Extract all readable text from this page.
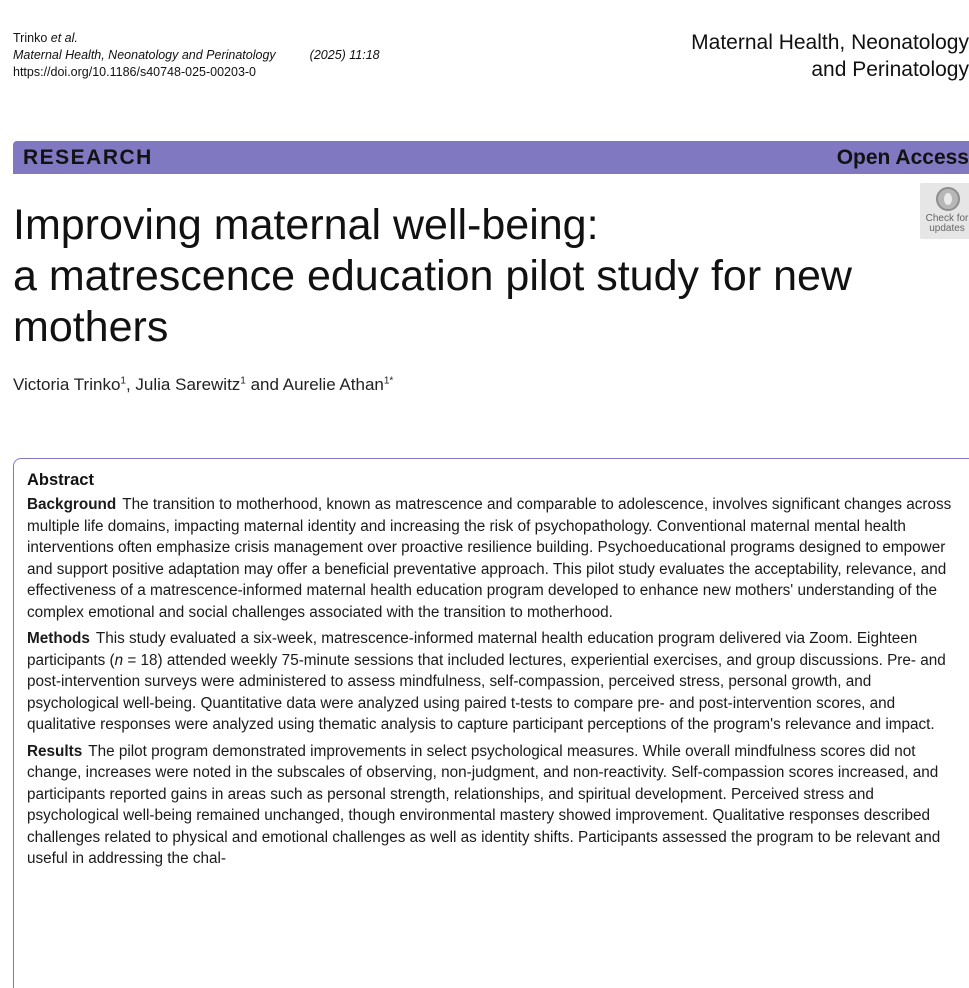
Trinko et al.
Maternal Health, Neonatology and Perinatology	(2025) 11:18
https://doi.org/10.1186/s40748-025-00203-0
Maternal Health, Neonatology
and Perinatology
RESEARCH	Open Access
Check for
updates
Improving maternal well-being:
a matrescence education pilot study for new
mothers
Victoria Trinko$^1$, Julia Sarewitz$^1$ and Aurelie Athan$^{1*}$
Abstract

Background The transition to motherhood, known as matrescence and comparable to adolescence, involves significant changes across multiple life domains, impacting maternal identity and increasing the risk of psychopathology. Conventional maternal mental health interventions often emphasize crisis management over proactive resilience building. Psychoeducational programs designed to empower and support positive adaptation may offer a beneficial preventative approach. This pilot study evaluates the acceptability, relevance, and effectiveness of a matrescence-informed maternal health education program developed to enhance new mothers' understanding of the complex emotional and social challenges associated with the transition to motherhood.

Methods This study evaluated a six-week, matrescence-informed maternal health education program delivered via Zoom. Eighteen participants (n = 18) attended weekly 75-minute sessions that included lectures, experiential exercises, and group discussions. Pre- and post-intervention surveys were administered to assess mindfulness, self-compassion, perceived stress, personal growth, and psychological well-being. Quantitative data were analyzed using paired t-tests to compare pre- and post-intervention scores, and qualitative responses were analyzed using thematic analysis to capture participant perceptions of the program's relevance and impact.

Results The pilot program demonstrated improvements in select psychological measures. While overall mindfulness scores did not change, increases were noted in the subscales of observing, non-judgment, and non-reactivity. Self-compassion scores increased, and participants reported gains in areas such as personal strength, relationships, and spiritual development. Perceived stress and psychological well-being remained unchanged, though environmental mastery showed improvement. Qualitative responses described challenges related to physical and emotional challenges as well as identity shifts. Participants assessed the program to be relevant and useful in addressing the chal-
